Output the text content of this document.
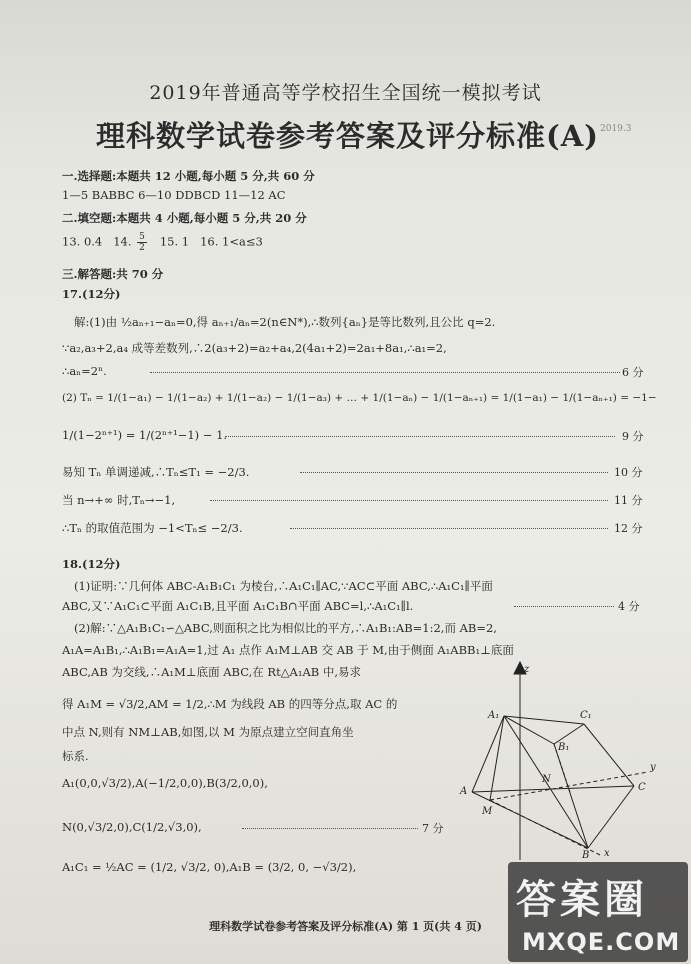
2019年普通高等学校招生全国统一模拟考试
理科数学试卷参考答案及评分标准(A) 2019.3
一.选择题:本题共 12 小题,每小题 5 分,共 60 分
1—5 BABBC 6—10 DDBCD 11—12 AC
二.填空题:本题共 4 小题,每小题 5 分,共 20 分
13. 0.4 14. $\frac{5}{2} 15$. 1 16. 1<a≤3
三.解答题:共 70 分
17.(12分)
解:(1)由 ½aₙ₊₁−aₙ=0,得 aₙ₊₁/aₙ=2(n∈N*),∴数列{aₙ}是等比数列,且公比 q=2.
∵a₂,a₃+2,a₄ 成等差数列,∴2(a₃+2)=a₂+a₄,2(4a₁+2)=2a₁+8a₁,∴a₁=2,
∴aₙ=2ⁿ.	6 分
(2) Tₙ = 1/(1−a₁) − 1/(1−a₂) + 1/(1−a₂) − 1/(1−a₃) + … + 1/(1−aₙ) − 1/(1−aₙ₊₁) = 1/(1−a₁) − 1/(1−aₙ₊₁) = −1−
1/(1−2ⁿ⁺¹) = 1/(2ⁿ⁺¹−1) − 1.	9 分
易知 Tₙ 单调递减,∴Tₙ≤T₁ = −2/3.	10 分
当 n→+∞ 时,Tₙ→−1,	11 分
∴Tₙ 的取值范围为 −1<Tₙ≤ −2/3.	12 分
18.(12分)
(1)证明:∵几何体 ABC-A₁B₁C₁ 为棱台,∴A₁C₁∥AC,∵AC⊂平面 ABC,∴A₁C₁∥平面
ABC,又∵A₁C₁⊂平面 A₁C₁B,且平面 A₁C₁B∩平面 ABC=l,∴A₁C₁∥l.	4 分
(2)解:∵△A₁B₁C₁∽△ABC,则面积之比为相似比的平方,∴A₁B₁:AB=1:2,而 AB=2,
A₁A=A₁B₁,∴A₁B₁=A₁A=1,过 A₁ 点作 A₁M⊥AB 交 AB 于 M,由于侧面 A₁ABB₁⊥底面
ABC,AB 为交线,∴A₁M⊥底面 ABC,在 Rt△A₁AB 中,易求
得 A₁M = √3/2,AM = 1/2,∴M 为线段 AB 的四等分点,取 AC 的
中点 N,则有 NM⊥AB,如图,以 M 为原点建立空间直角坐
标系.
A₁(0,0,√3/2),A(−1/2,0,0),B(3/2,0,0),
N(0,√3/2,0),C(1/2,√3,0),	7 分
A₁C₁ = ½AC = (1/2, √3/2, 0),A₁B = (3/2, 0, −√3/2),
z
A₁	C₁
B₁
N
A
M
C
y
B x
理科数学试卷参考答案及评分标准(A) 第 1 页(共 4 页)
答案圈
MXQE.COM
